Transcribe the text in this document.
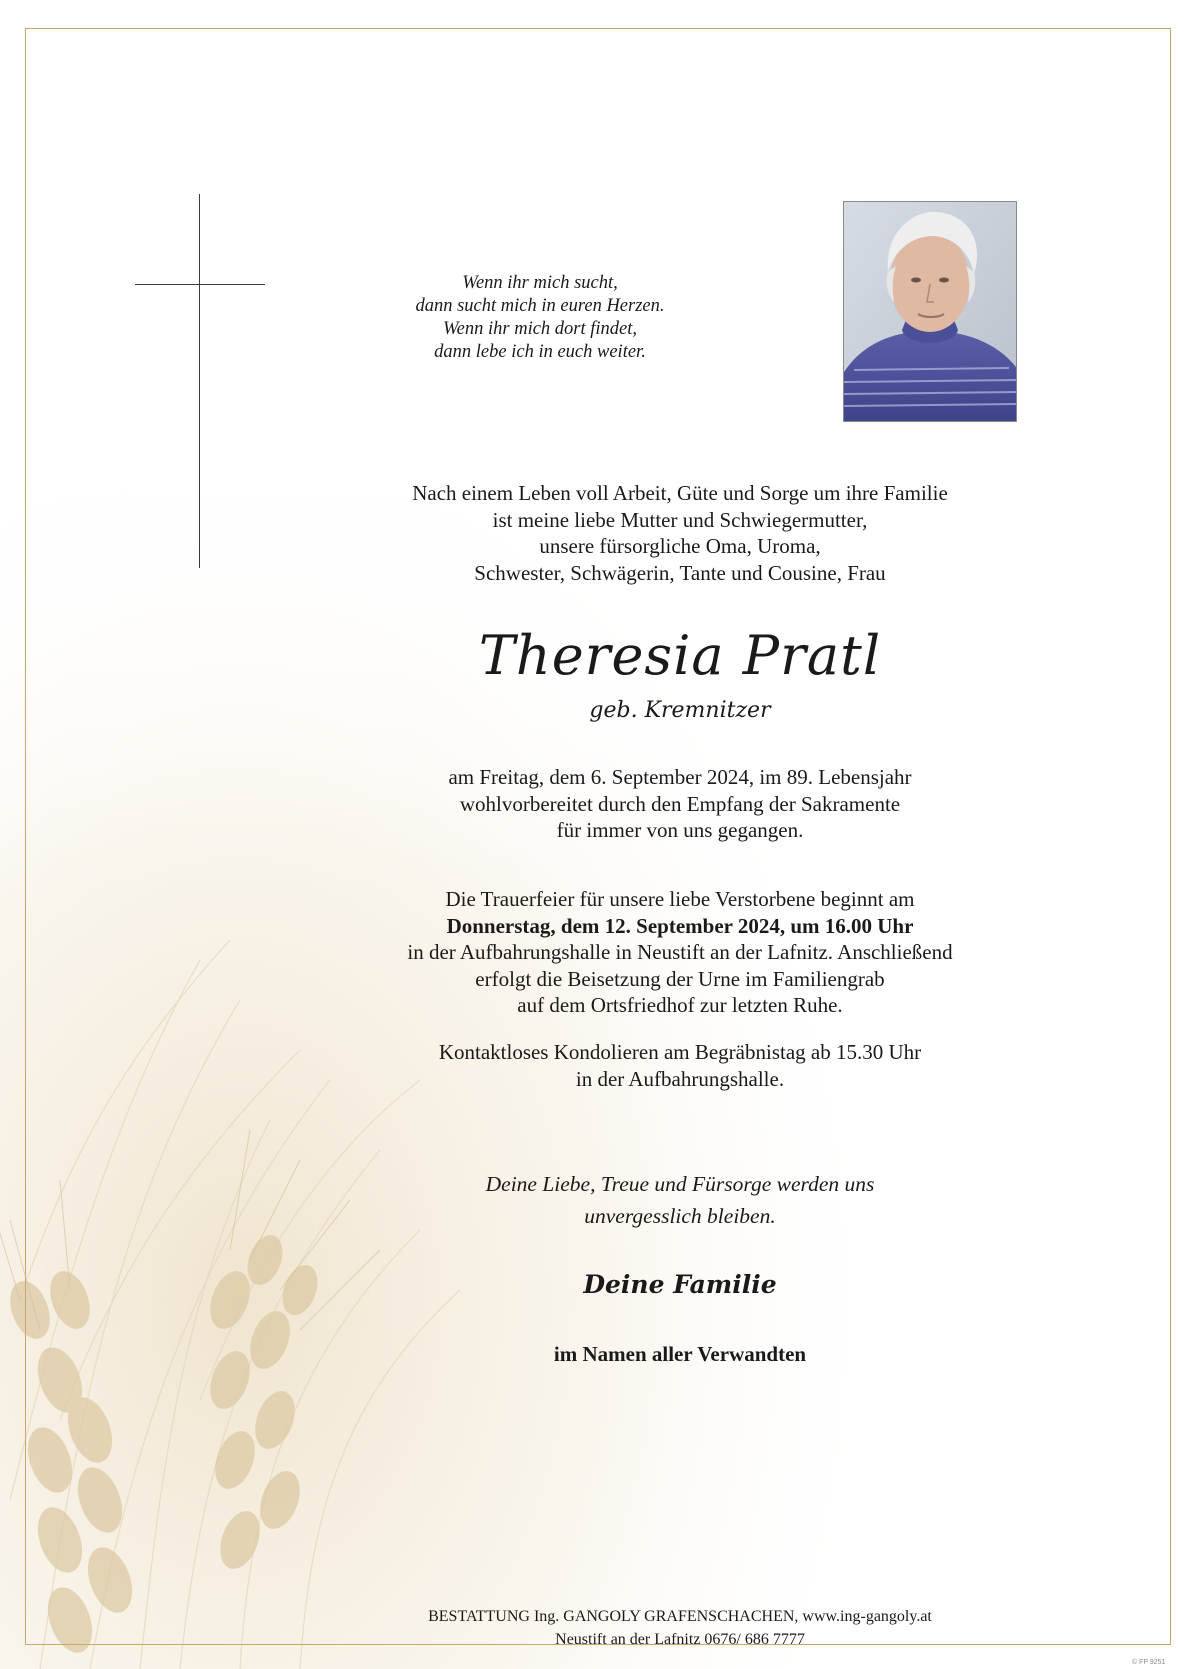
Wenn ihr mich sucht,
dann sucht mich in euren Herzen.
Wenn ihr mich dort findet,
dann lebe ich in euch weiter.
Nach einem Leben voll Arbeit, Güte und Sorge um ihre Familie
ist meine liebe Mutter und Schwiegermutter,
unsere fürsorgliche Oma, Uroma,
Schwester, Schwägerin, Tante und Cousine, Frau
Theresia Pratl
geb. Kremnitzer
am Freitag, dem 6. September 2024, im 89. Lebensjahr
wohlvorbereitet durch den Empfang der Sakramente
für immer von uns gegangen.
Die Trauerfeier für unsere liebe Verstorbene beginnt am
Donnerstag, dem 12. September 2024, um 16.00 Uhr
in der Aufbahrungshalle in Neustift an der Lafnitz. Anschließend
erfolgt die Beisetzung der Urne im Familiengrab
auf dem Ortsfriedhof zur letzten Ruhe.
Kontaktloses Kondolieren am Begräbnistag ab 15.30 Uhr
in der Aufbahrungshalle.
Deine Liebe, Treue und Fürsorge werden uns
unvergesslich bleiben.
Deine Familie
im Namen aller Verwandten
BESTATTUNG Ing. GANGOLY GRAFENSCHACHEN, www.ing-gangoly.at
Neustift an der Lafnitz 0676/ 686 7777
© FP 9251
